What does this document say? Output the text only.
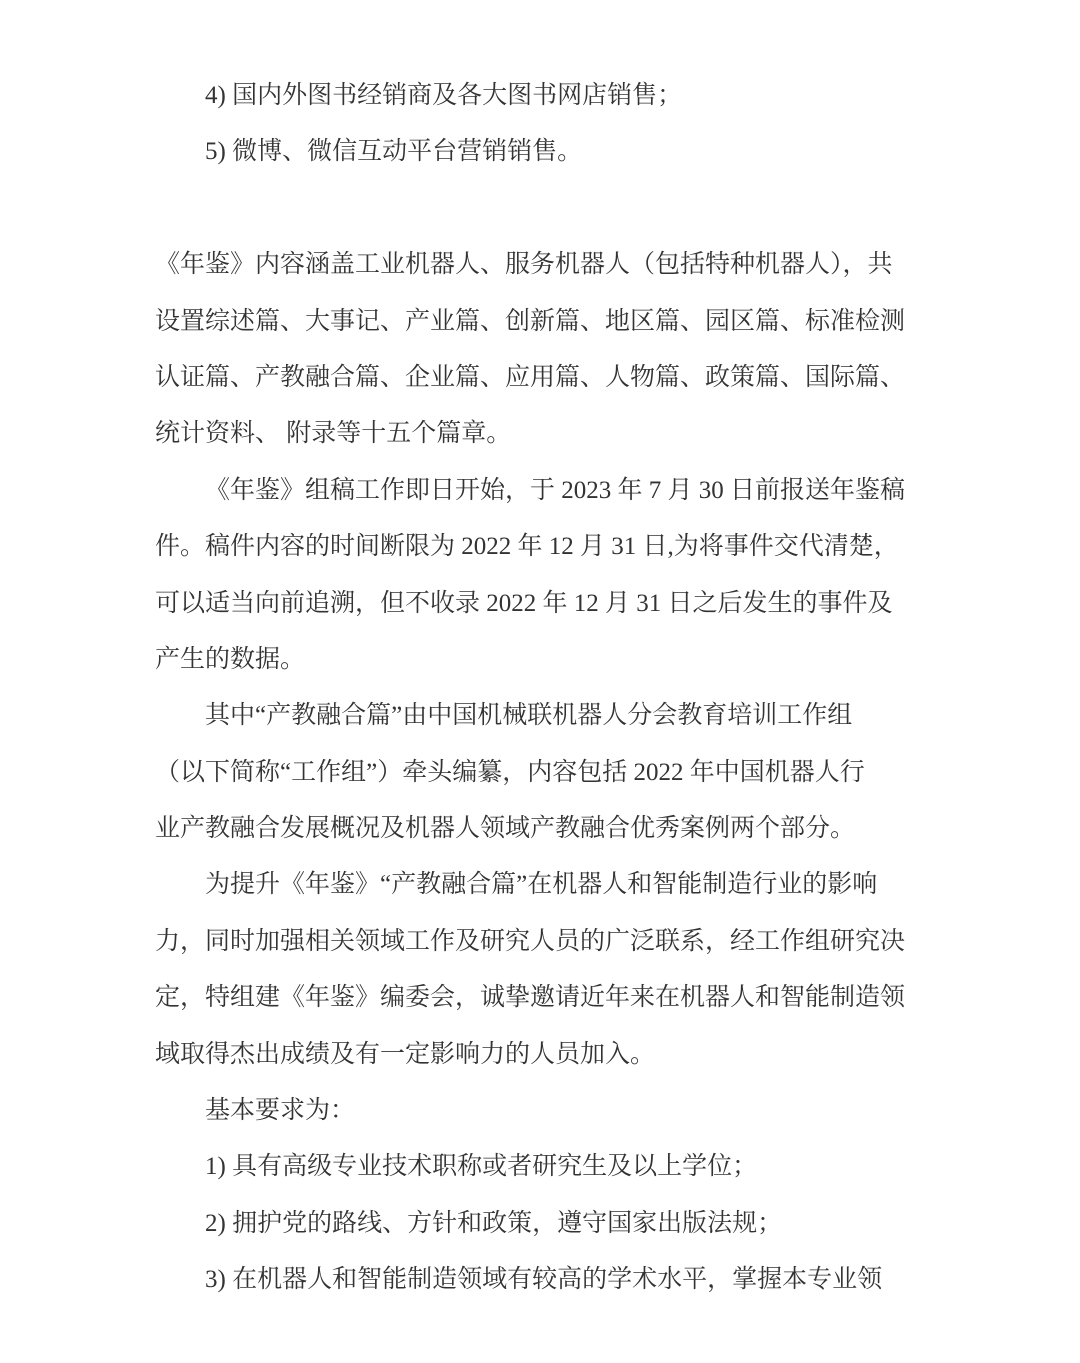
4) 国内外图书经销商及各大图书网店销售；
5) 微博、微信互动平台营销销售。
《年鉴》内容涵盖工业机器人、服务机器人（包括特种机器人），共
设置综述篇、大事记、产业篇、创新篇、地区篇、园区篇、标准检测
认证篇、产教融合篇、企业篇、应用篇、人物篇、政策篇、国际篇、
统计资料、 附录等十五个篇章。
《年鉴》组稿工作即日开始，于 2023 年 7 月 30 日前报送年鉴稿
件。稿件内容的时间断限为 2022 年 12 月 31 日,为将事件交代清楚，
可以适当向前追溯，但不收录 2022 年 12 月 31 日之后发生的事件及
产生的数据。
其中“产教融合篇”由中国机械联机器人分会教育培训工作组
（以下简称“工作组”）牵头编纂，内容包括 2022 年中国机器人行
业产教融合发展概况及机器人领域产教融合优秀案例两个部分。
为提升《年鉴》“产教融合篇”在机器人和智能制造行业的影响
力，同时加强相关领域工作及研究人员的广泛联系，经工作组研究决
定，特组建《年鉴》编委会，诚挚邀请近年来在机器人和智能制造领
域取得杰出成绩及有一定影响力的人员加入。
基本要求为：
1) 具有高级专业技术职称或者研究生及以上学位；
2) 拥护党的路线、方针和政策，遵守国家出版法规；
3) 在机器人和智能制造领域有较高的学术水平，掌握本专业领
